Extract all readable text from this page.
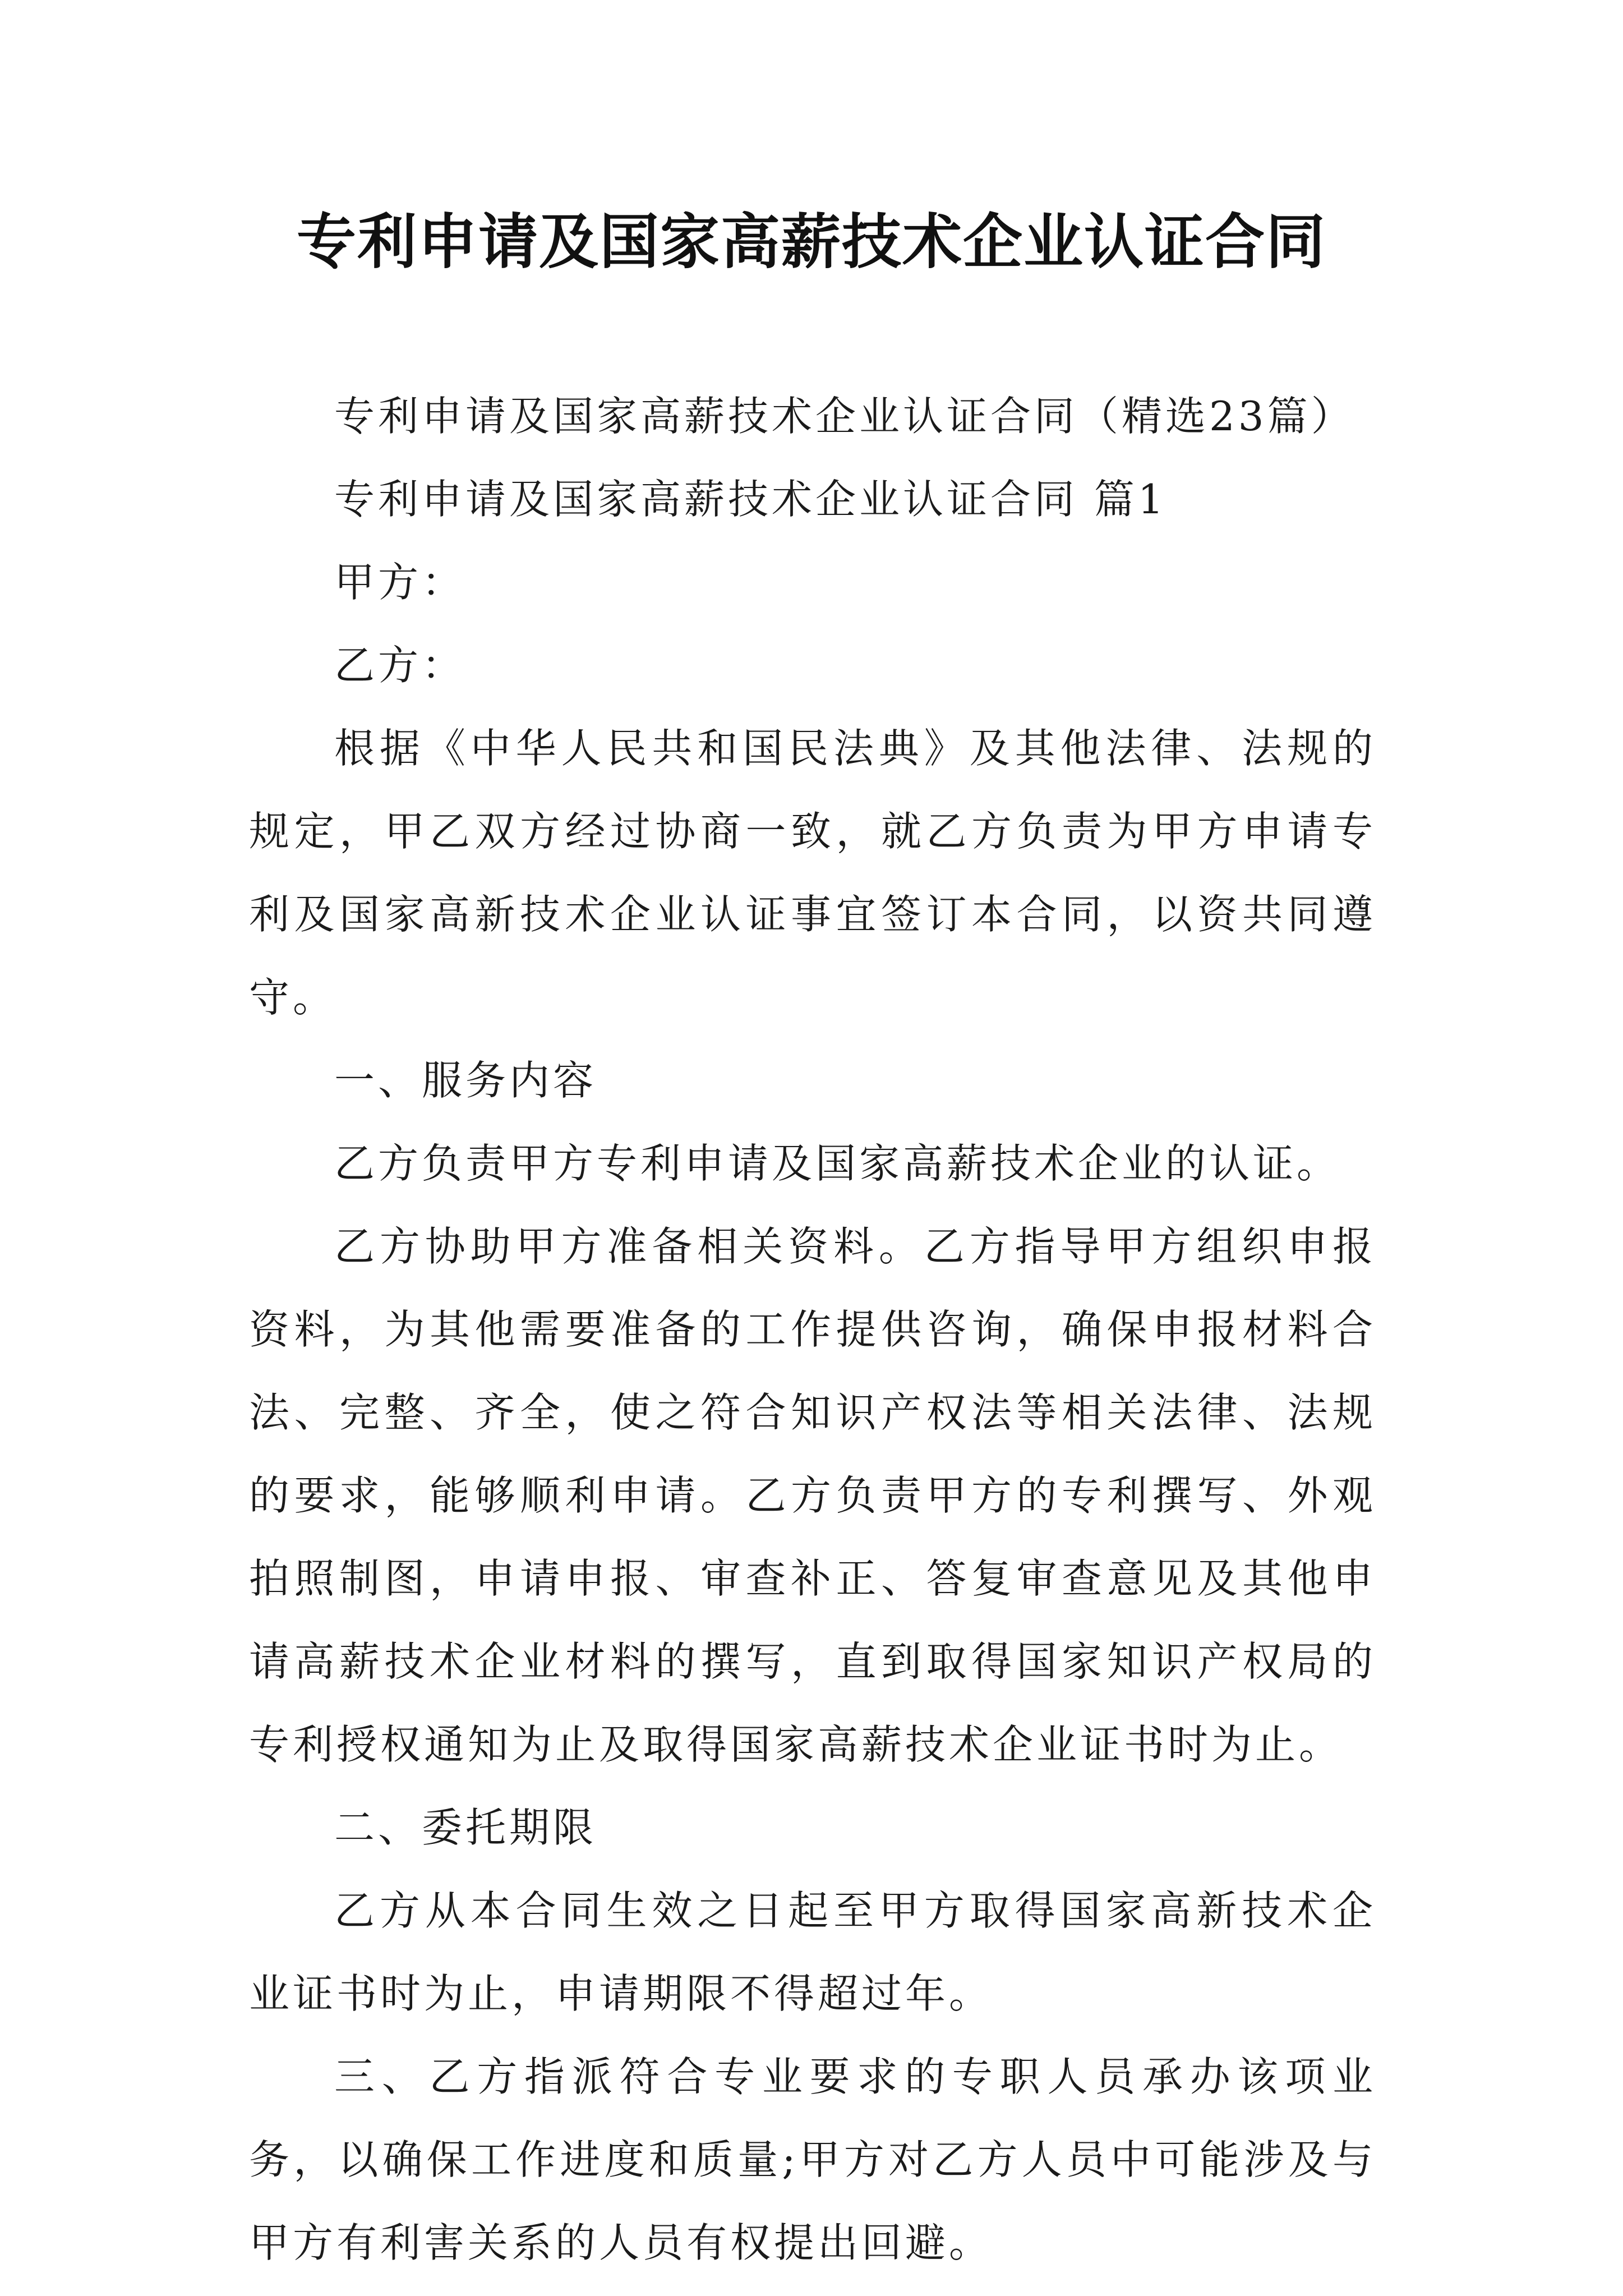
专利申请及国家高薪技术企业认证合同

专利申请及国家高薪技术企业认证合同（精选23篇）

专利申请及国家高薪技术企业认证合同 篇1

甲方：

乙方：

根据《中华人民共和国民法典》及其他法律、法规的规定，甲乙双方经过协商一致，就乙方负责为甲方申请专利及国家高新技术企业认证事宜签订本合同，以资共同遵守。

一、服务内容

乙方负责甲方专利申请及国家高薪技术企业的认证。

乙方协助甲方准备相关资料。乙方指导甲方组织申报资料，为其他需要准备的工作提供咨询，确保申报材料合法、完整、齐全，使之符合知识产权法等相关法律、法规的要求，能够顺利申请。乙方负责甲方的专利撰写、外观拍照制图，申请申报、审查补正、答复审查意见及其他申请高薪技术企业材料的撰写，直到取得国家知识产权局的专利授权通知为止及取得国家高薪技术企业证书时为止。

二、委托期限

乙方从本合同生效之日起至甲方取得国家高新技术企业证书时为止，申请期限不得超过年。

三、乙方指派符合专业要求的专职人员承办该项业务，以确保工作进度和质量;甲方对乙方人员中可能涉及与甲方有利害关系的人员有权提出回避。
